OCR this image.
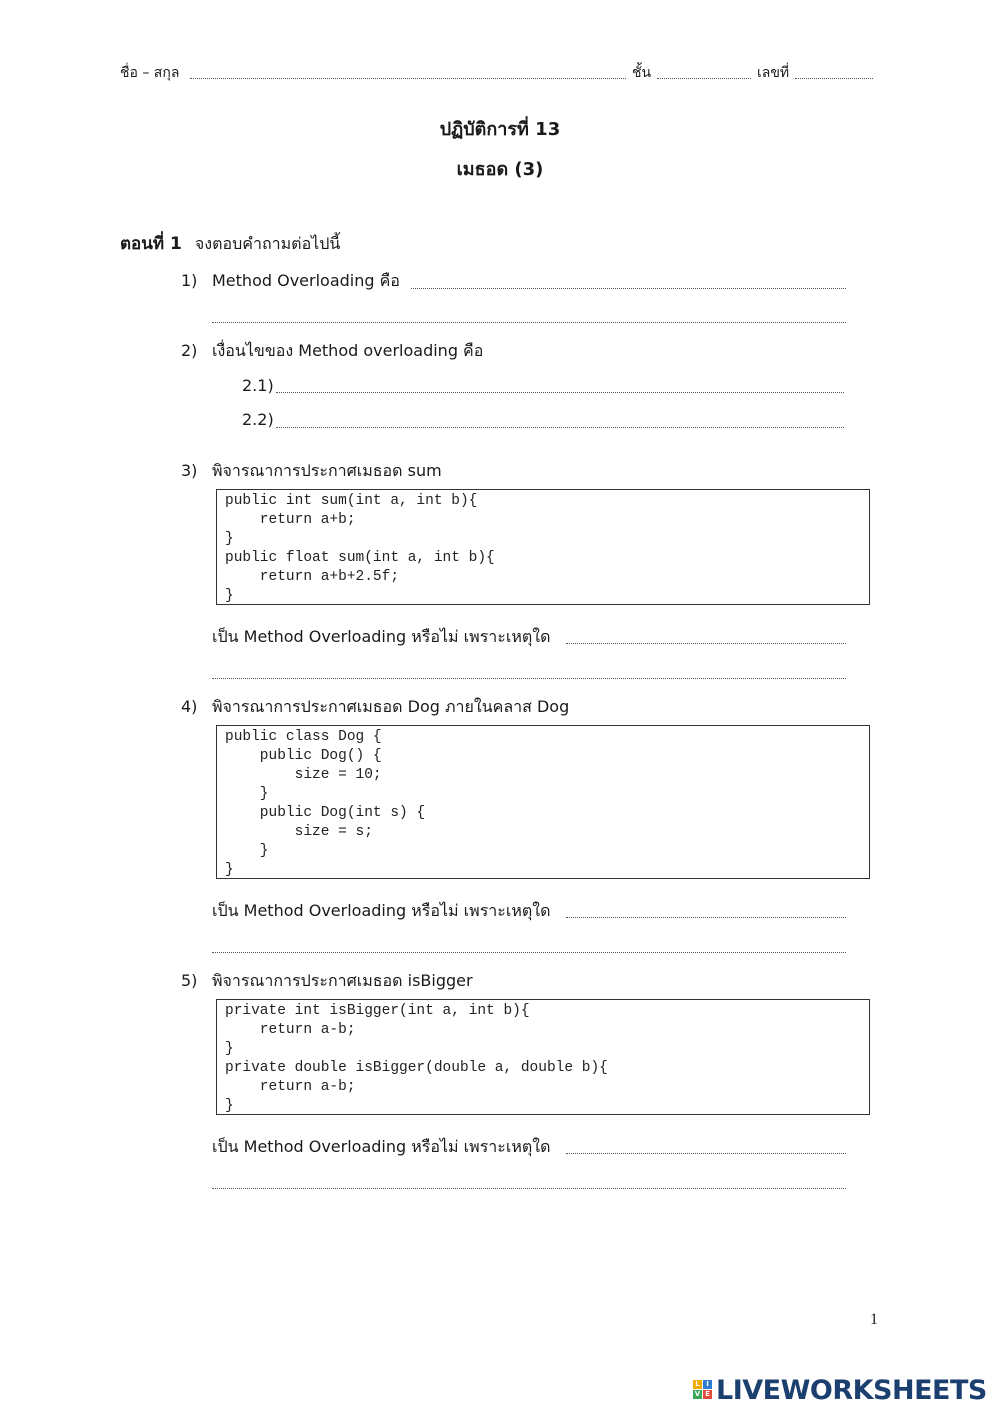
ชื่อ – สกุล	ชั้น	เลขที่
ปฏิบัติการที่ 13
เมธอด (3)
ตอนที่ 1 จงตอบคำถามต่อไปนี้
1) Method Overloading คือ
2) เงื่อนไขของ Method overloading คือ
2.1)
2.2)
3) พิจารณาการประกาศเมธอด sum
public int sum(int a, int b){
return a+b;
}
public float sum(int a, int b){
return a+b+2.5f;
}
เป็น Method Overloading หรือไม่ เพราะเหตุใด
4) พิจารณาการประกาศเมธอด Dog ภายในคลาส Dog
public class Dog {
public Dog() {
size = 10;
}
public Dog(int s) {
size = s;
}
}
เป็น Method Overloading หรือไม่ เพราะเหตุใด
5) พิจารณาการประกาศเมธอด isBigger
private int isBigger(int a, int b){
return a-b;
}
private double isBigger(double a, double b){
return a-b;
}
เป็น Method Overloading หรือไม่ เพราะเหตุใด
1
L I
V E LIVEWORKSHEETS
